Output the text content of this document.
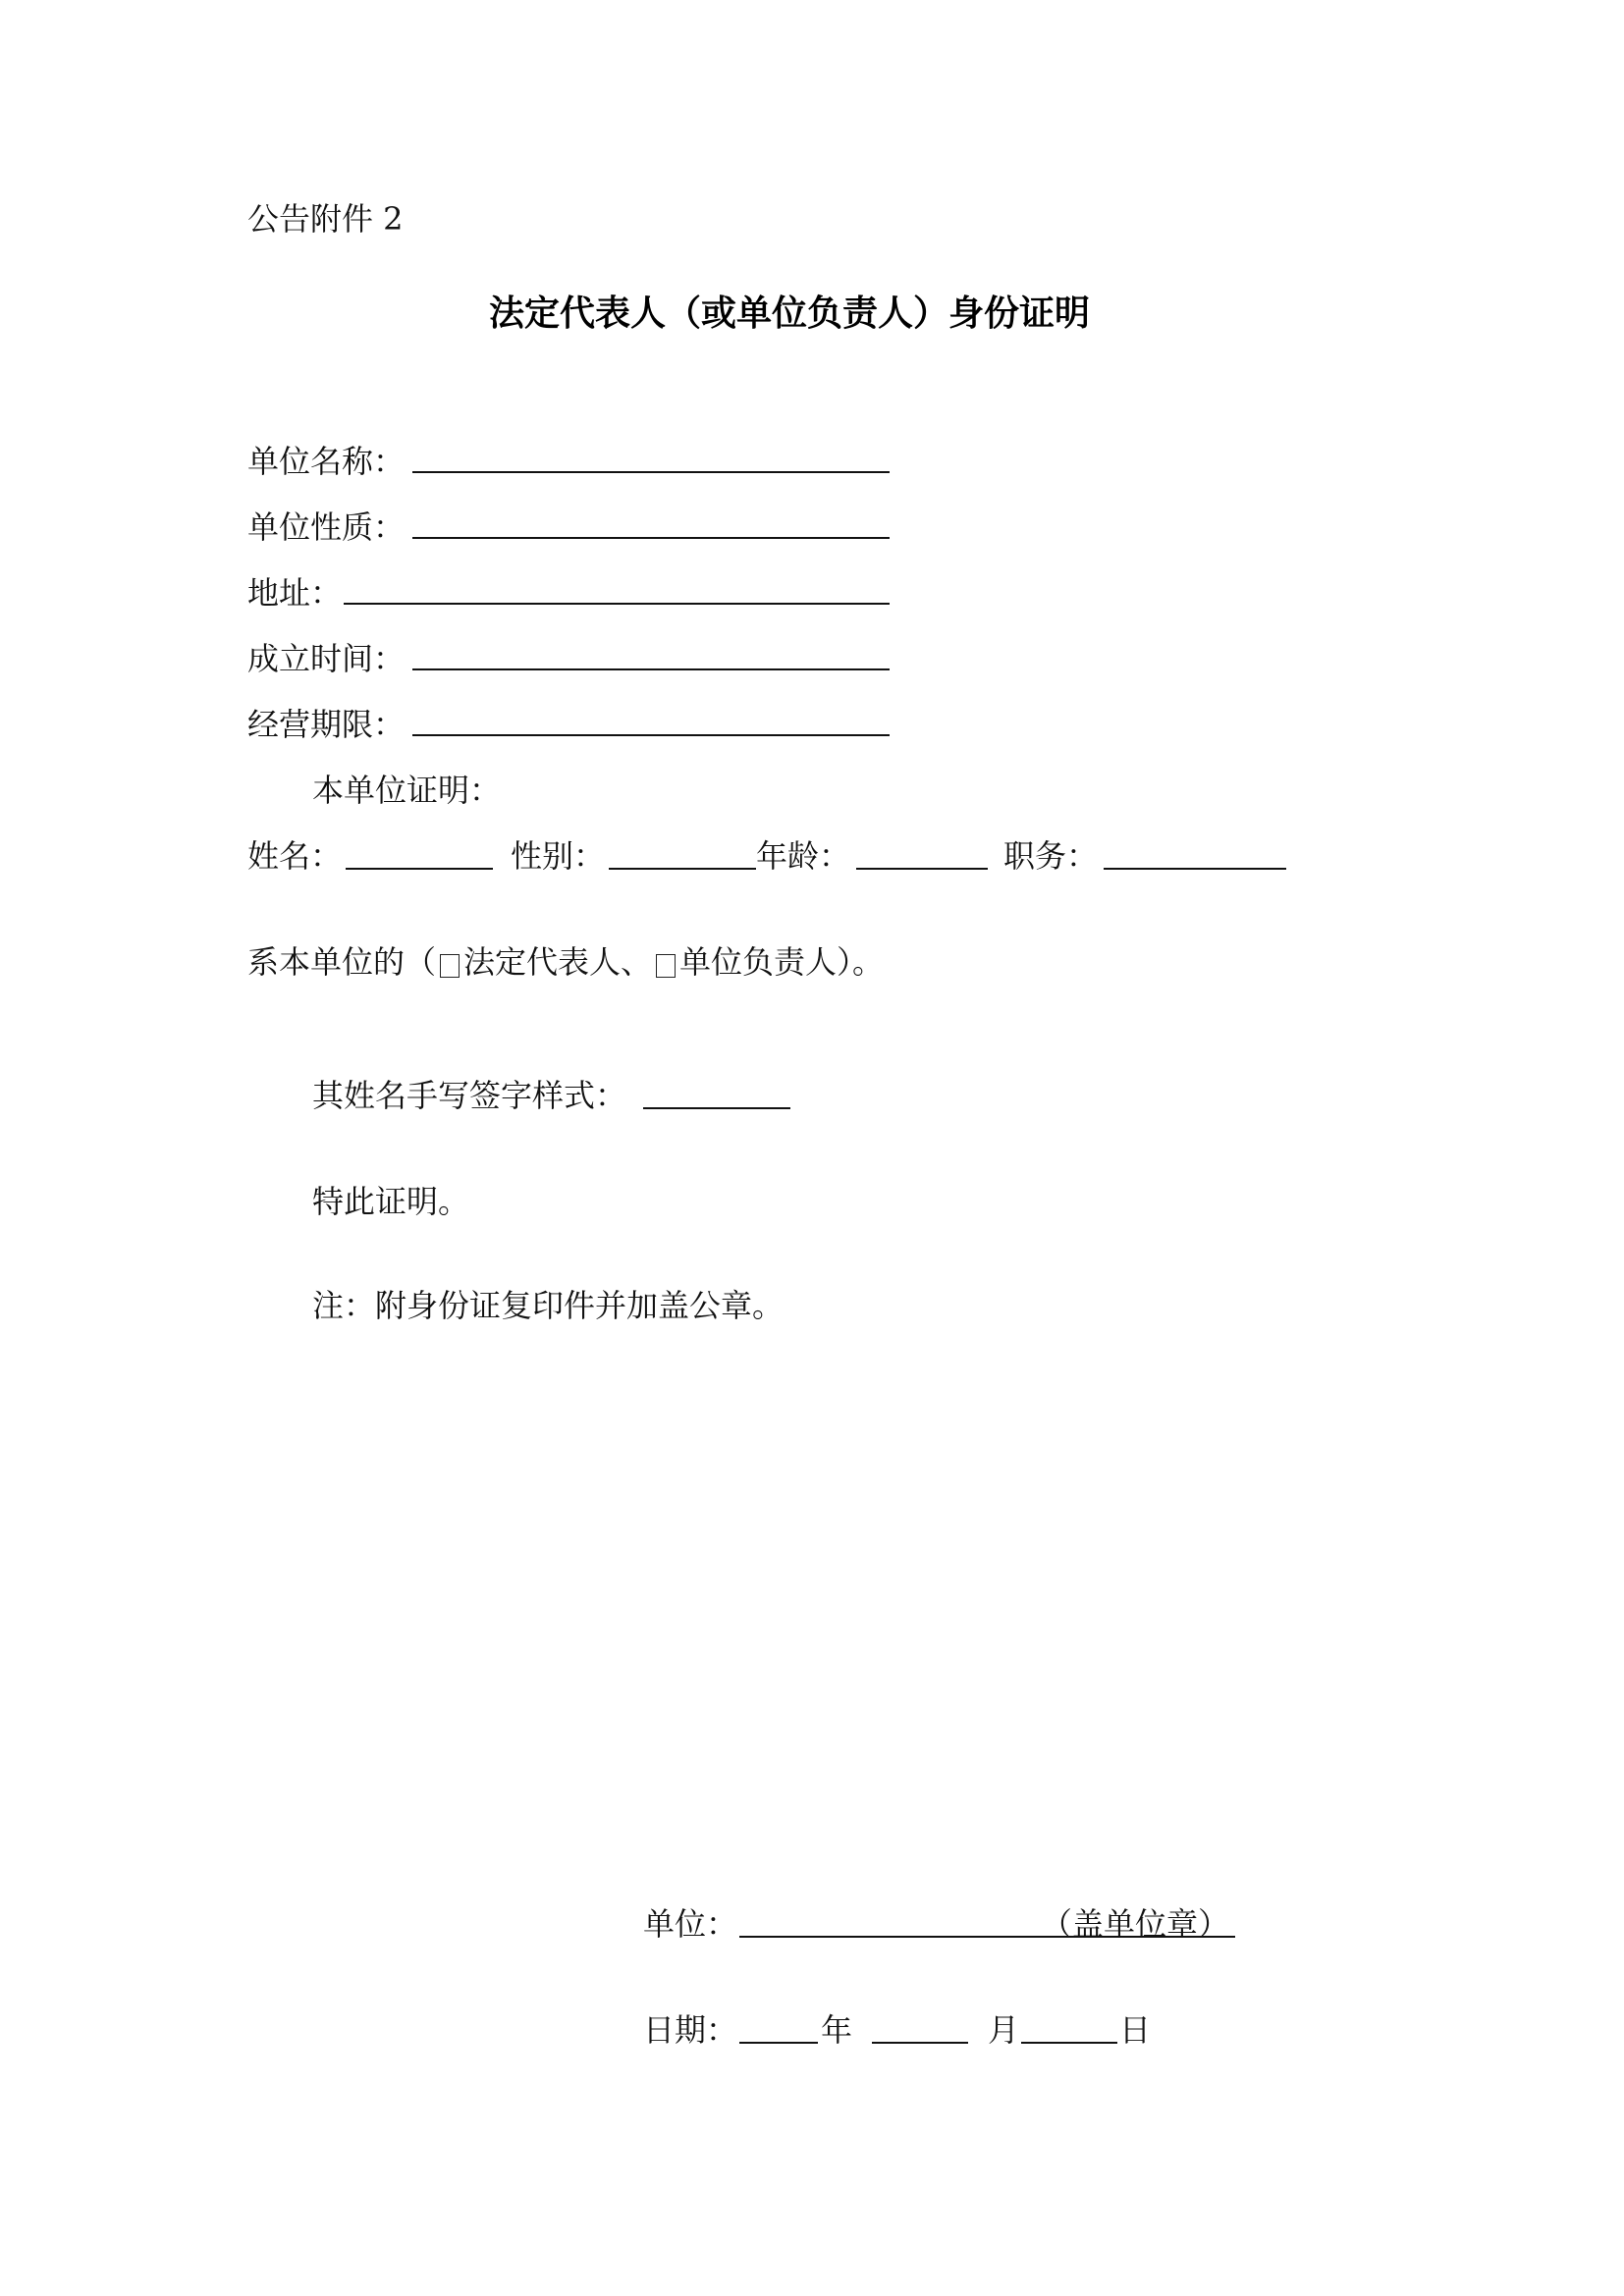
公告附件 2
法定代表人（或单位负责人）身份证明
单位名称：
单位性质：
地址：
成立时间：
经营期限：
本单位证明：
姓名：	性别：	年龄：	职务：
系本单位的（ 法定代表人、 单位负责人）。
其姓名手写签字样式：
特此证明。
注：附身份证复印件并加盖公章。
单位：	（盖单位章）
日期：	年	月	日
